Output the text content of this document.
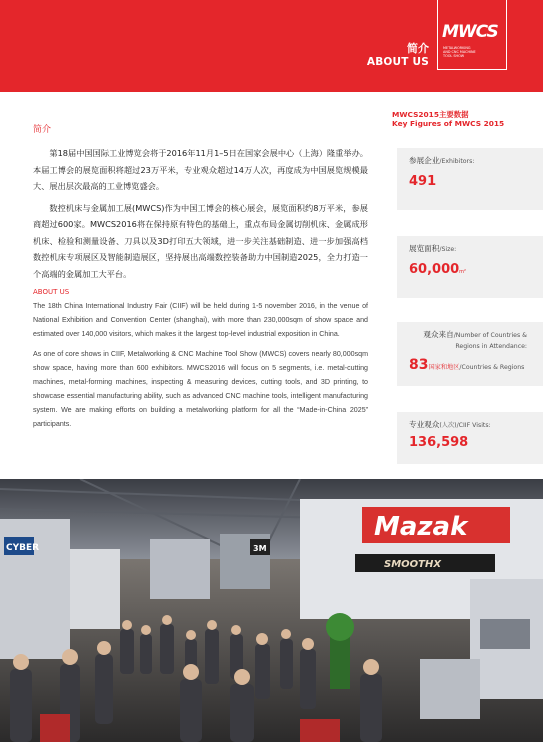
简介
ABOUT US
MWCS
METALWORKING
AND CNC MACHINE
TOOL SHOW
简介

第18届中国国际工业博览会将于2016年11月1–5日在国家会展中心（上海）隆重举办。本届工博会的展览面积将超过23万平米，专业观众超过14万人次，再度成为中国展览规模最大、展出层次最高的工业博览盛会。

数控机床与金属加工展(MWCS)作为中国工博会的核心展会，展览面积约8万平米，参展商超过600家。MWCS2016将在保持原有特色的基础上，重点布局金属切削机床、金属成形机床、检验和测量设备、刀具以及3D打印五大领域，进一步关注基础制造、进一步加强高档数控机床专项展区及智能制造展区，坚持展出高端数控装备助力中国制造2025，全力打造一个高端的金属加工大平台。

ABOUT US

The 18th China International Industry Fair (CIIF) will be held during 1-5 november 2016, in the venue of National Exhibition and Convention Center (shanghai), with more than 230,000sqm of show space and estimated over 140,000 visitors, which makes it the largest top-level industrial exposition in China.

As one of core shows in CIIF, Metalworking & CNC Machine Tool Show (MWCS) covers nearly 80,000sqm show space, having more than 600 exhibitors. MWCS2016 will focus on 5 segments, i.e. metal-cutting machines, metal-forming machines, inspecting & measuring devices, cutting tools, and 3D printing, to showcase essential manufacturing ability, such as advanced CNC machine tools, intelligent manufacturing system. We are making efforts on building a metalworking platform for all the “Made-in-China 2025” participants.

MWCS2015主要数据
Key Figures of MWCS 2015
参展企业/Exhibitors:
491
展览面积/Size:
60,000m²
观众来自/Number of Countries &
Regions in Attendance:
83 国家和地区 /Countries & Regions
专业观众(人次)/CIIF Visits:
136,598
CYBER	3M
Mazak
SMOOTHX
